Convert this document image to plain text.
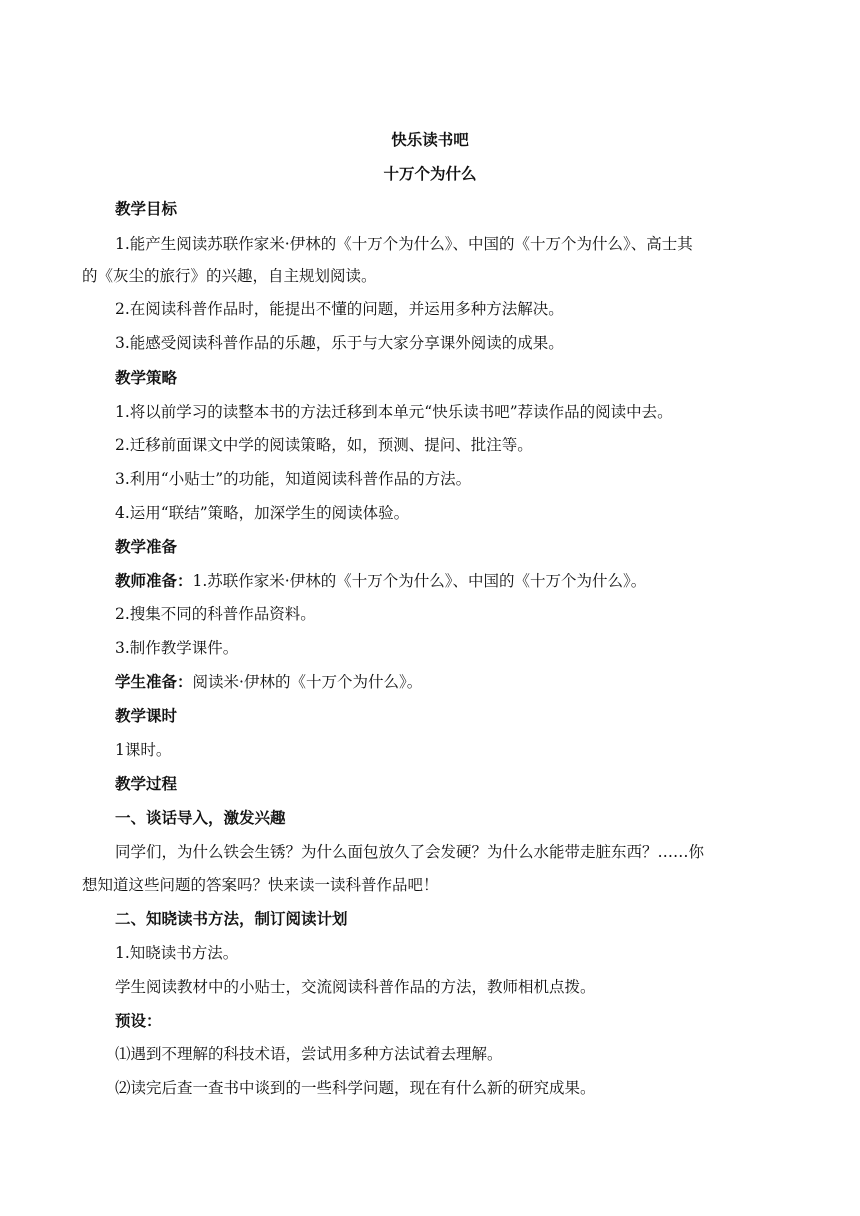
快乐读书吧
十万个为什么
教学目标
1.能产生阅读苏联作家米·伊林的《十万个为什么》、中国的《十万个为什么》、高士其
的《灰尘的旅行》的兴趣，自主规划阅读。
2.在阅读科普作品时，能提出不懂的问题，并运用多种方法解决。
3.能感受阅读科普作品的乐趣，乐于与大家分享课外阅读的成果。
教学策略
1.将以前学习的读整本书的方法迁移到本单元“快乐读书吧”荐读作品的阅读中去。
2.迁移前面课文中学的阅读策略，如，预测、提问、批注等。
3.利用“小贴士”的功能，知道阅读科普作品的方法。
4.运用“联结”策略，加深学生的阅读体验。
教学准备
教师准备：1.苏联作家米·伊林的《十万个为什么》、中国的《十万个为什么》。
2.搜集不同的科普作品资料。
3.制作教学课件。
学生准备：阅读米·伊林的《十万个为什么》。
教学课时
1课时。
教学过程
一、谈话导入，激发兴趣
同学们，为什么铁会生锈？为什么面包放久了会发硬？为什么水能带走脏东西？……你
想知道这些问题的答案吗？快来读一读科普作品吧！
二、知晓读书方法，制订阅读计划
1.知晓读书方法。
学生阅读教材中的小贴士，交流阅读科普作品的方法，教师相机点拨。
预设：
⑴遇到不理解的科技术语，尝试用多种方法试着去理解。
⑵读完后查一查书中谈到的一些科学问题，现在有什么新的研究成果。
